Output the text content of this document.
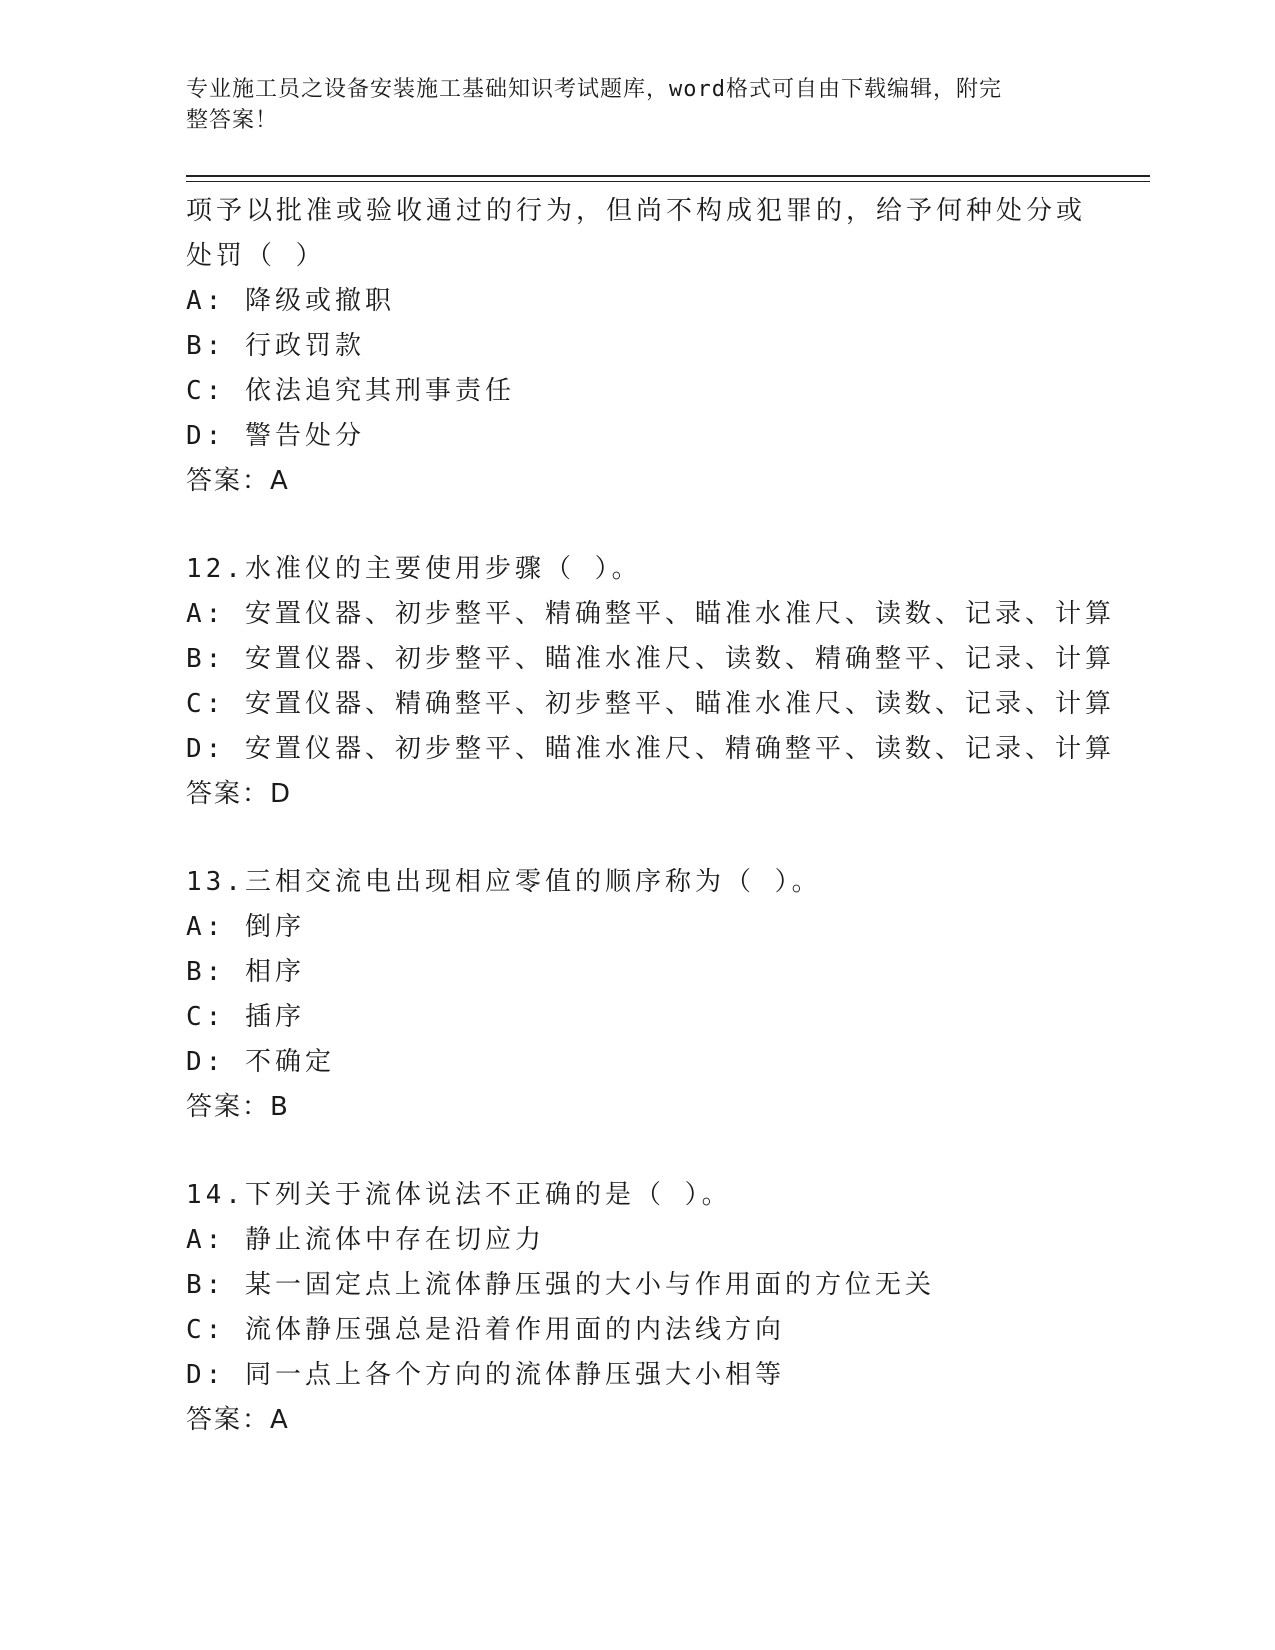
专业施工员之设备安装施工基础知识考试题库，word格式可自由下载编辑，附完
整答案！
项予以批准或验收通过的行为，但尚不构成犯罪的，给予何种处分或
处罚（ ）
A: 降级或撤职
B: 行政罚款
C: 依法追究其刑事责任
D: 警告处分
答案：A
12.水准仪的主要使用步骤（ ）。
A: 安置仪器、初步整平、精确整平、瞄准水准尺、读数、记录、计算
B: 安置仪器、初步整平、瞄准水准尺、读数、精确整平、记录、计算
C: 安置仪器、精确整平、初步整平、瞄准水准尺、读数、记录、计算
D: 安置仪器、初步整平、瞄准水准尺、精确整平、读数、记录、计算
答案：D
13.三相交流电出现相应零值的顺序称为（ ）。
A: 倒序
B: 相序
C: 插序
D: 不确定
答案：B
14.下列关于流体说法不正确的是（ ）。
A: 静止流体中存在切应力
B: 某一固定点上流体静压强的大小与作用面的方位无关
C: 流体静压强总是沿着作用面的内法线方向
D: 同一点上各个方向的流体静压强大小相等
答案：A
